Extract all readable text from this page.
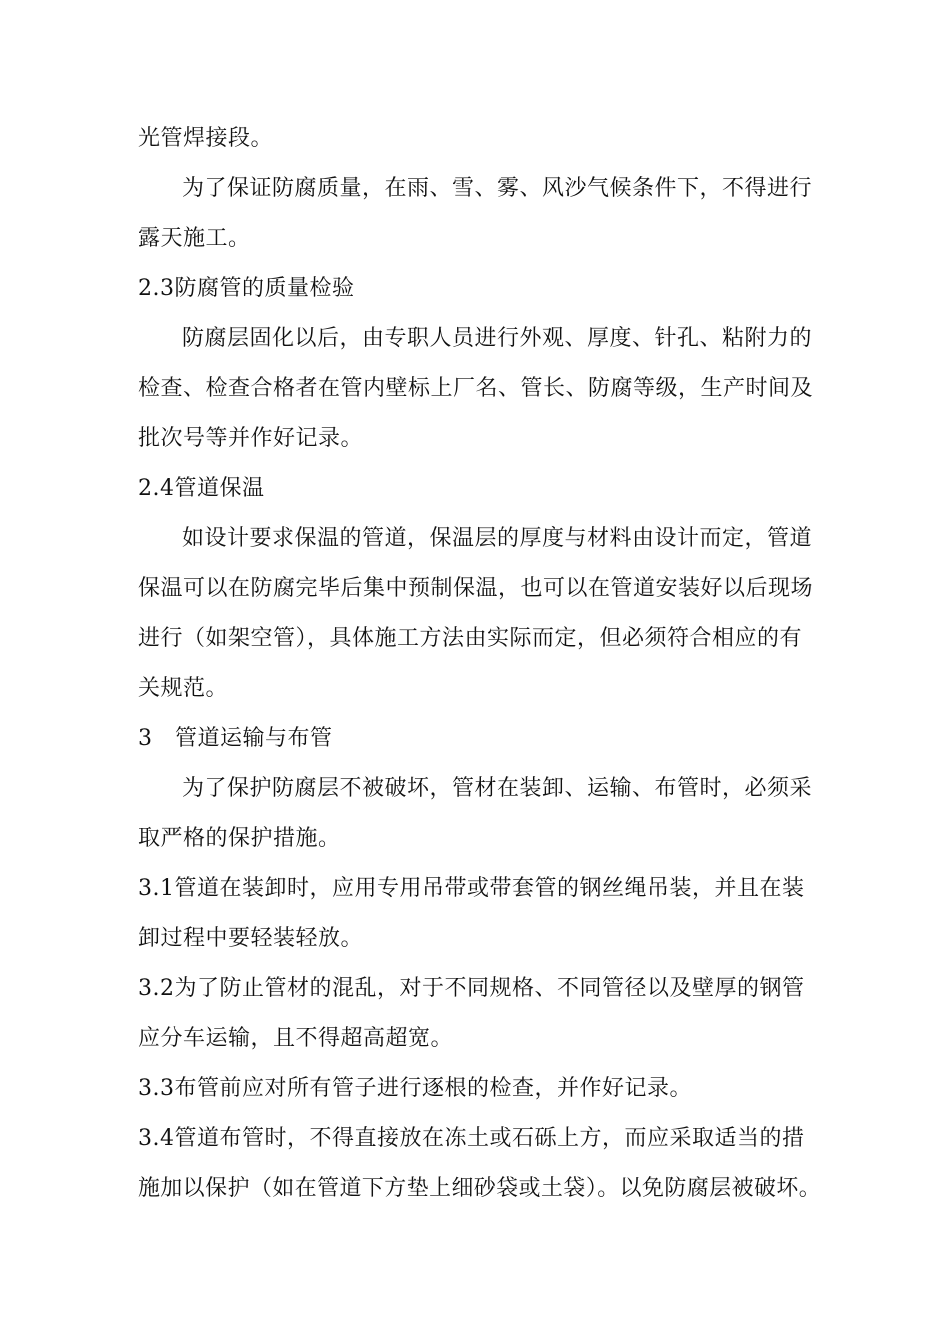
光管焊接段。
为了保证防腐质量，在雨、雪、雾、风沙气候条件下，不得进行
露天施工。
2.3防腐管的质量检验
防腐层固化以后，由专职人员进行外观、厚度、针孔、粘附力的
检查、检查合格者在管内壁标上厂名、管长、防腐等级，生产时间及
批次号等并作好记录。
2.4管道保温
如设计要求保温的管道，保温层的厚度与材料由设计而定，管道
保温可以在防腐完毕后集中预制保温，也可以在管道安装好以后现场
进行（如架空管），具体施工方法由实际而定，但必须符合相应的有
关规范。
3　管道运输与布管
为了保护防腐层不被破坏，管材在装卸、运输、布管时，必须采
取严格的保护措施。
3.1管道在装卸时，应用专用吊带或带套管的钢丝绳吊装，并且在装
卸过程中要轻装轻放。
3.2为了防止管材的混乱，对于不同规格、不同管径以及壁厚的钢管
应分车运输，且不得超高超宽。
3.3布管前应对所有管子进行逐根的检查，并作好记录。
3.4管道布管时，不得直接放在冻土或石砾上方，而应采取适当的措
施加以保护（如在管道下方垫上细砂袋或土袋）。以免防腐层被破坏。
